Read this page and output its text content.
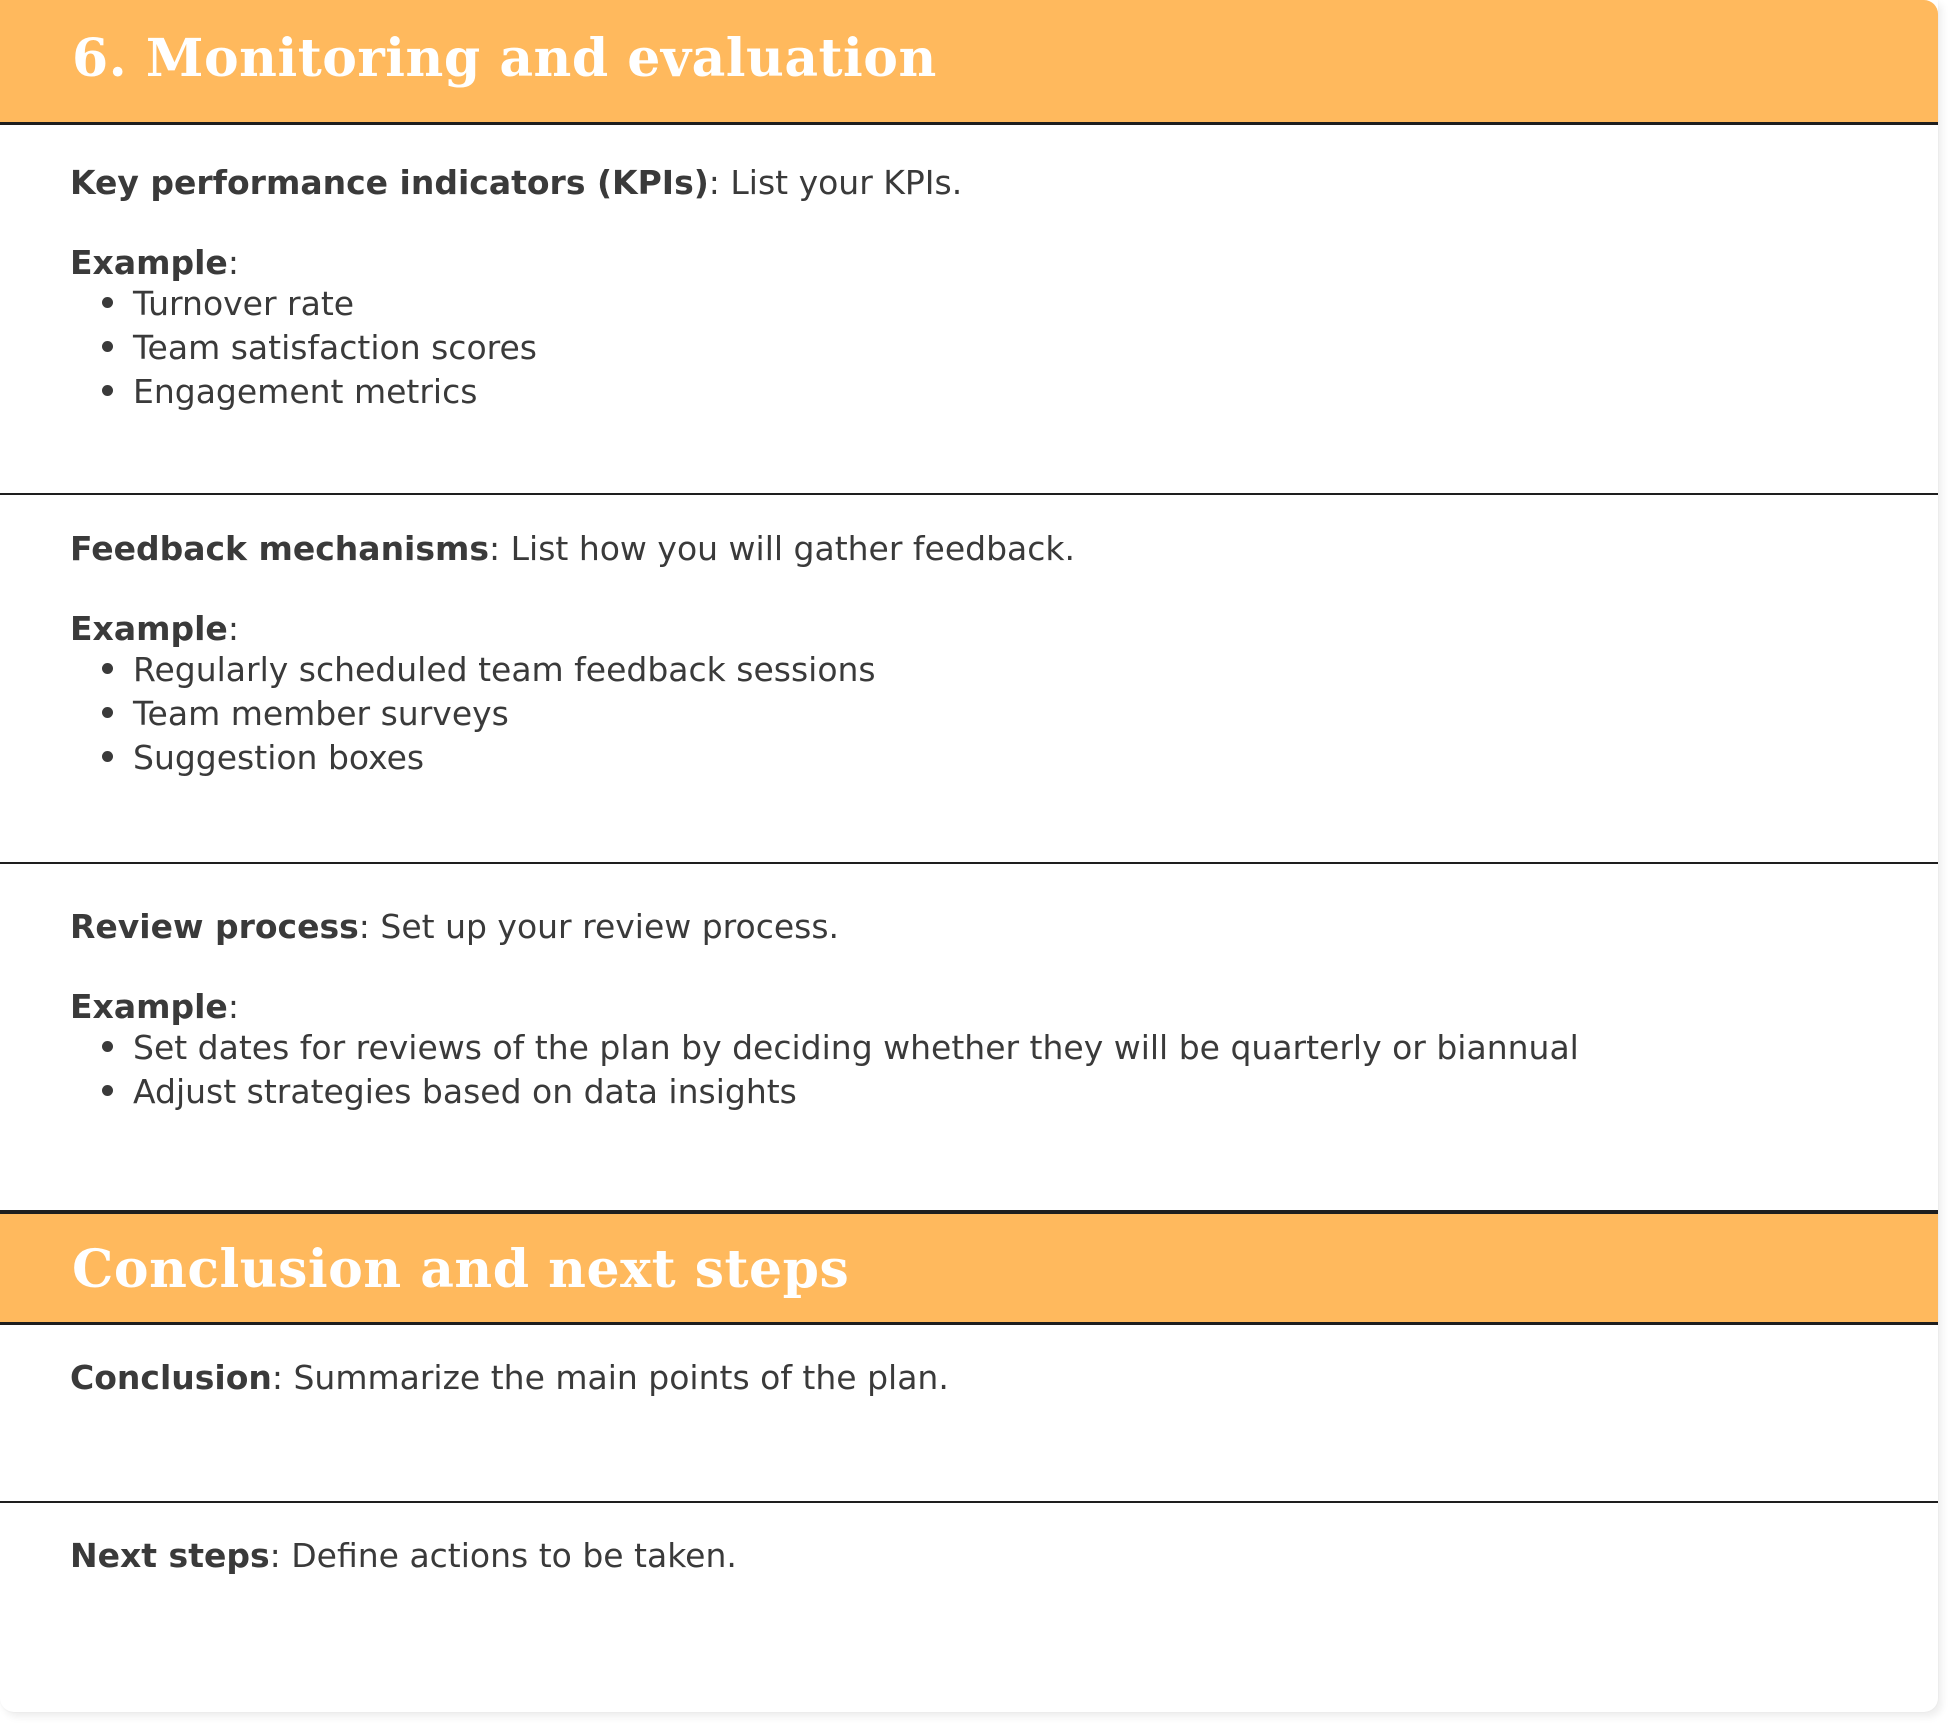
6. Monitoring and evaluation

Key performance indicators (KPIs): List your KPIs.

Example:

Turnover rate
Team satisfaction scores
Engagement metrics

Feedback mechanisms: List how you will gather feedback.

Example:

Regularly scheduled team feedback sessions
Team member surveys
Suggestion boxes

Review process: Set up your review process.

Example:

Set dates for reviews of the plan by deciding whether they will be quarterly or biannual
Adjust strategies based on data insights
Conclusion and next steps

Conclusion: Summarize the main points of the plan.

Next steps: Define actions to be taken.
